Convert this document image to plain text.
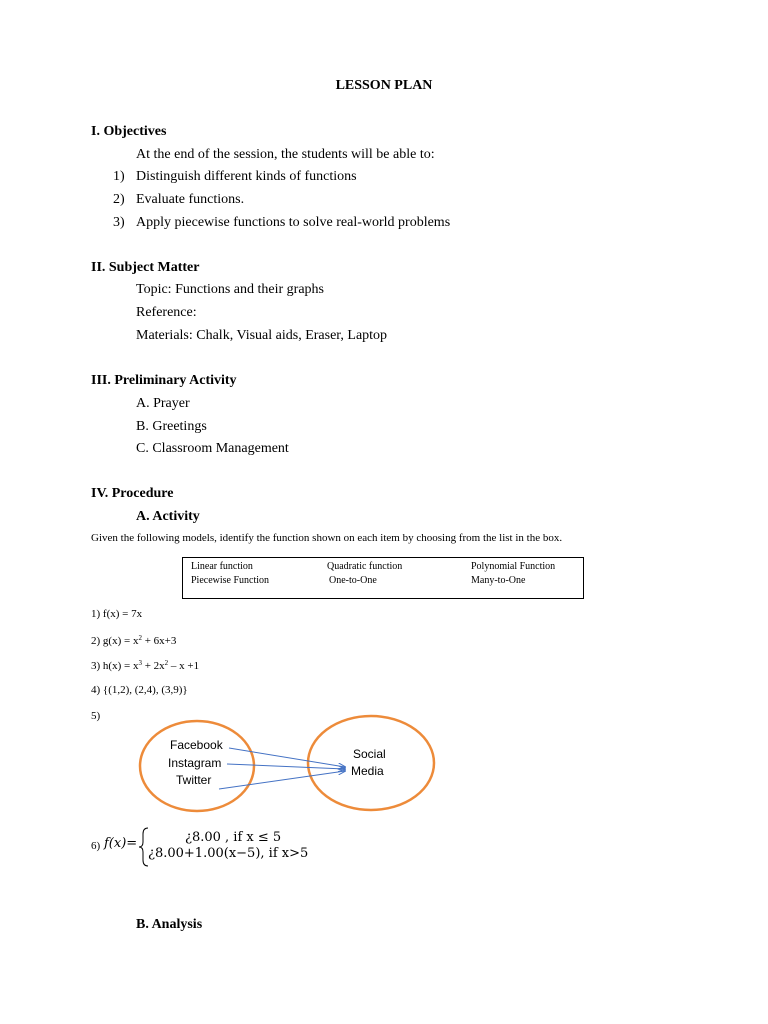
LESSON PLAN
I. Objectives
At the end of the session, the students will be able to:
1) Distinguish different kinds of functions
2) Evaluate functions.
3) Apply piecewise functions to solve real-world problems
II. Subject Matter
Topic: Functions and their graphs
Reference:
Materials: Chalk, Visual aids, Eraser, Laptop
III. Preliminary Activity
A. Prayer
B. Greetings
C. Classroom Management
IV. Procedure
A. Activity
Given the following models, identify the function shown on each item by choosing from the list in the box.
Linear function	Quadratic function	Polynomial Function
Piecewise Function	One-to-One	Many-to-One
1) f(x) = 7x
2) $g(x) = x^2 + 6x+3$
3) $h(x) = x^3 + 2x^2 - x +1$
4) {(1,2), (2,4), (3,9)}
5)
Facebook
Instagram
Twitter
Social
Media
6) f(x)=	¿8.00 , if x ≤ 5
¿8.00+1.00(x−5), if x>5
B. Analysis
